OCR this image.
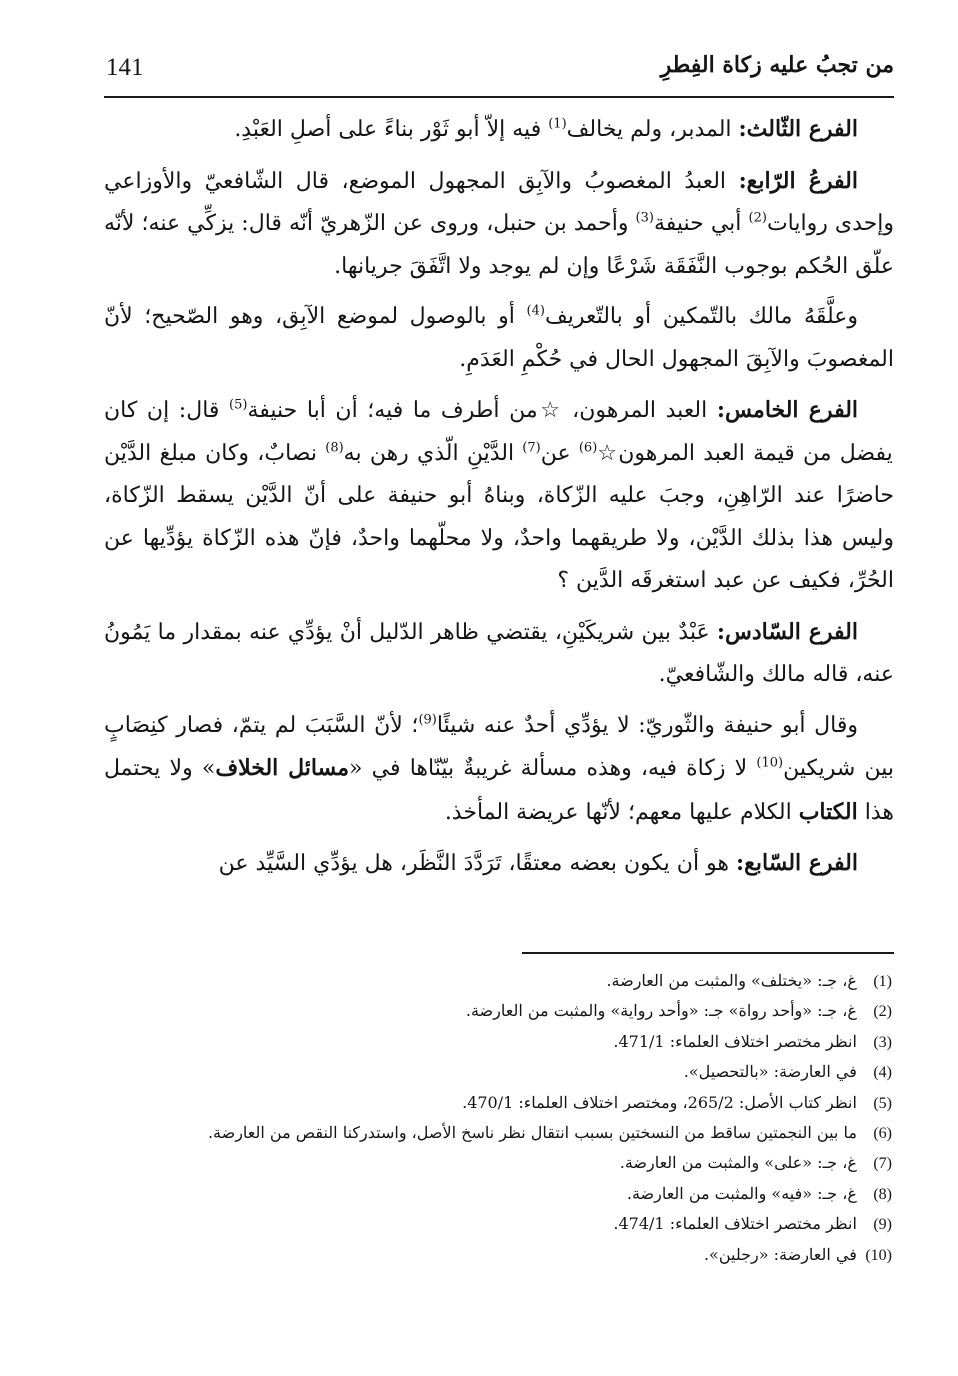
من تجبُ عليه زكاة الفِطرِ
141

الفرع الثّالث: المدبر، ولم يخالف$^{(1)}$ فيه إلاّ أبو ثَوْر بناءً على أصلِ العَبْدِ.

الفرعُ الرّابع: العبدُ المغصوبُ والآبِق المجهول الموضع، قال الشّافعيّ والأوزاعي وإحدى روايات$^{(2)}$ أبي حنيفة$^{(3)}$ وأحمد بن حنبل، وروى عن الزّهريّ أنّه قال: يزكِّي عنه؛ لأنّه علّق الحُكم بوجوب النَّفَقَة شَرْعًا وإن لم يوجد ولا اتَّفَقَ جريانها.

وعلَّقَهُ مالك بالتّمكين أو بالتّعريف$^{(4)}$ أو بالوصول لموضع الآبِق، وهو الصّحيح؛ لأنّ المغصوبَ والآبِقَ المجهول الحال في حُكْمِ العَدَمِ.

الفرع الخامس: العبد المرهون، ☆من أطرف ما فيه؛ أن أبا حنيفة$^{(5)}$ قال: إن كان يفضل من قيمة العبد المرهون☆$^{(6)}$ عن$^{(7)}$ الدَّيْنِ الّذي رهن به$^{(8)}$ نصابٌ، وكان مبلغ الدَّيْن حاضرًا عند الرّاهِنِ، وجبَ عليه الزّكاة، وبناهُ أبو حنيفة على أنّ الدَّيْن يسقط الزّكاة، وليس هذا بذلك الدَّيْن، ولا طريقهما واحدٌ، ولا محلّهما واحدٌ، فإنّ هذه الزّكاة يؤدِّيها عن الحُرِّ، فكيف عن عبد استغرقَه الدَّين ؟

الفرع السّادس: عَبْدٌ بين شريكَيْنِ، يقتضي ظاهر الدّليل أنْ يؤدِّي عنه بمقدار ما يَمُونُ عنه، قاله مالك والشّافعيّ.

وقال أبو حنيفة والثّوريّ: لا يؤدِّي أحدٌ عنه شيئًا$^{(9)}$؛ لأنّ السَّبَبَ لم يتمّ، فصار كنِصَابٍ بين شريكين$^{(10)}$ لا زكاة فيه، وهذه مسألة غريبةٌ بيّنّاها في «مسائل الخلاف» ولا يحتمل هذا الكتاب الكلام عليها معهم؛ لأنّها عريضة المأخذ.

الفرع السّابع: هو أن يكون بعضه معتقًا، تَرَدَّدَ النَّظَر، هل يؤدِّي السَّيِّد عن

(1) غ، جـ: «يختلف» والمثبت من العارضة.
(2) غ، جـ: «وأحد رواة» جـ: «وأحد رواية» والمثبت من العارضة.
(3) انظر مختصر اختلاف العلماء: 471/1.
(4) في العارضة: «بالتحصيل».
(5) انظر كتاب الأصل: 265/2، ومختصر اختلاف العلماء: 470/1.
(6) ما بين النجمتين ساقط من النسختين بسبب انتقال نظر ناسخ الأصل، واستدركنا النقص من العارضة.
(7) غ، جـ: «على» والمثبت من العارضة.
(8) غ، جـ: «فيه» والمثبت من العارضة.
(9) انظر مختصر اختلاف العلماء: 474/1.
(10) في العارضة: «رجلين».
